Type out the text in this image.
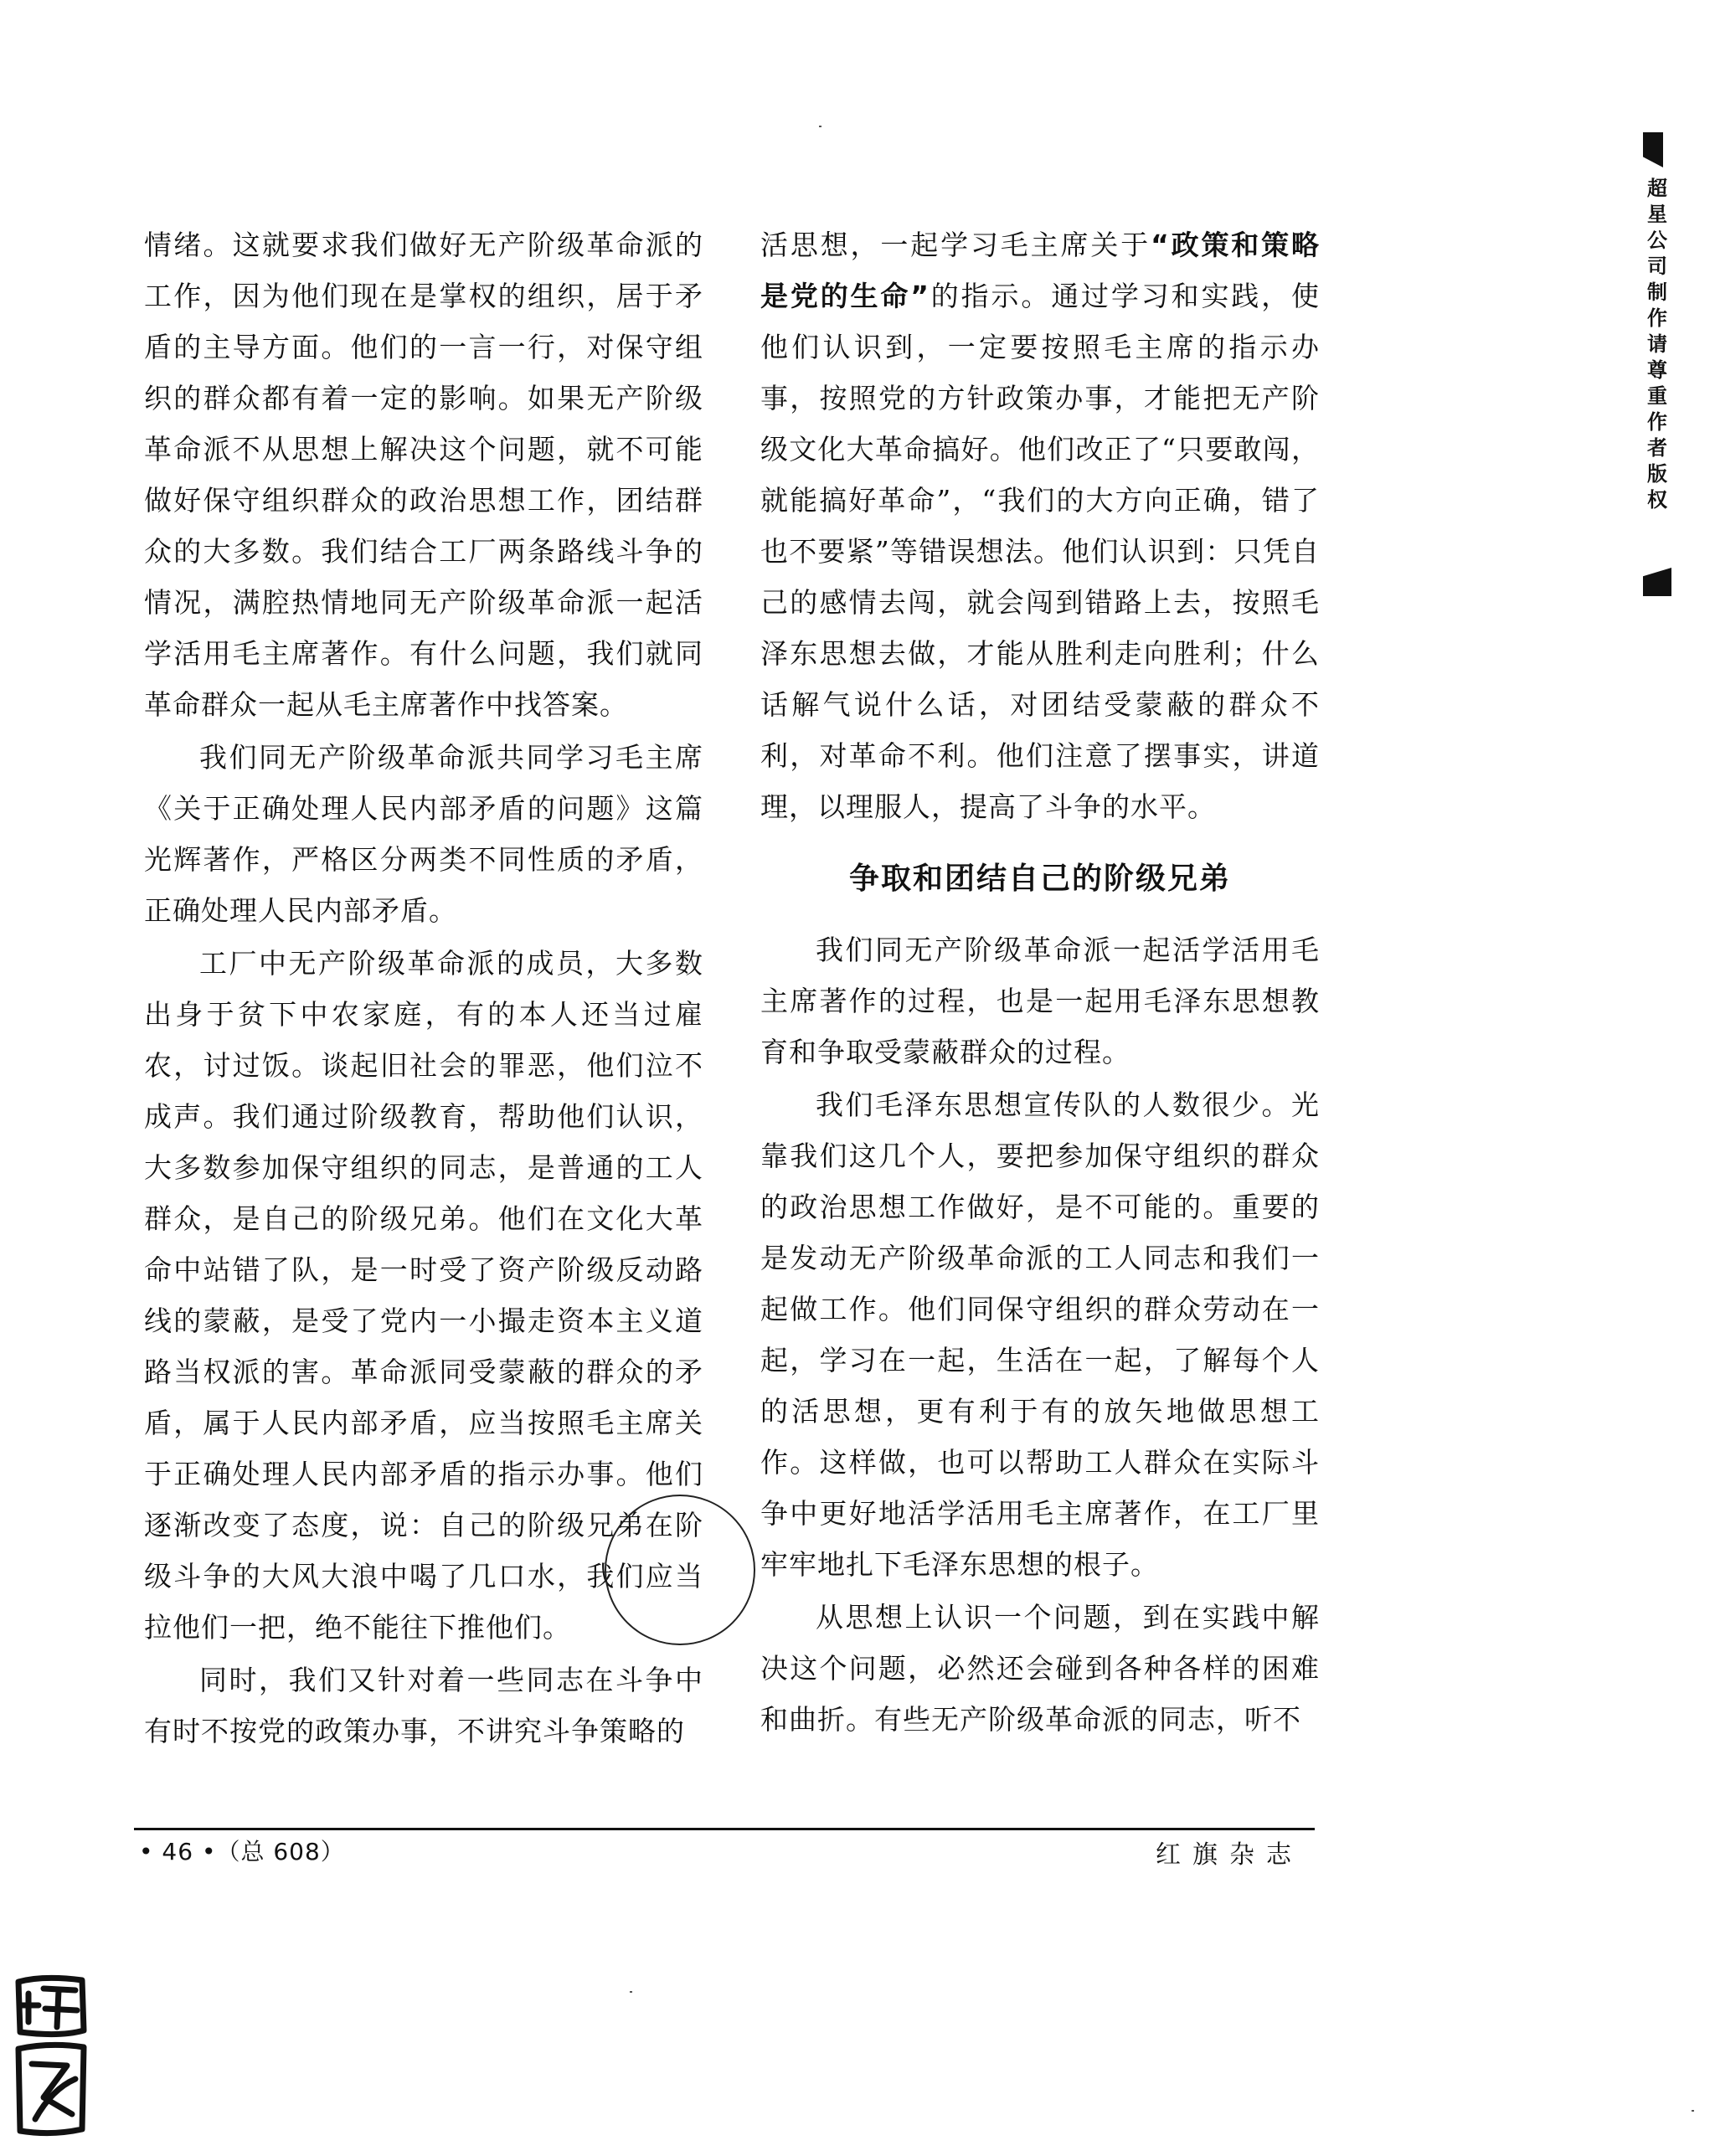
情绪。这就要求我们做好无产阶级革命派的工作，因为他们现在是掌权的组织，居于矛盾的主导方面。他们的一言一行，对保守组织的群众都有着一定的影响。如果无产阶级革命派不从思想上解决这个问题，就不可能做好保守组织群众的政治思想工作，团结群众的大多数。我们结合工厂两条路线斗争的情况，满腔热情地同无产阶级革命派一起活学活用毛主席著作。有什么问题，我们就同革命群众一起从毛主席著作中找答案。

我们同无产阶级革命派共同学习毛主席《关于正确处理人民内部矛盾的问题》这篇光辉著作，严格区分两类不同性质的矛盾，正确处理人民内部矛盾。

工厂中无产阶级革命派的成员，大多数出身于贫下中农家庭，有的本人还当过雇农，讨过饭。谈起旧社会的罪恶，他们泣不成声。我们通过阶级教育，帮助他们认识，大多数参加保守组织的同志，是普通的工人群众，是自己的阶级兄弟。他们在文化大革命中站错了队，是一时受了资产阶级反动路线的蒙蔽，是受了党内一小撮走资本主义道路当权派的害。革命派同受蒙蔽的群众的矛盾，属于人民内部矛盾，应当按照毛主席关于正确处理人民内部矛盾的指示办事。他们逐渐改变了态度，说：自己的阶级兄弟在阶级斗争的大风大浪中喝了几口水，我们应当拉他们一把，绝不能往下推他们。

同时，我们又针对着一些同志在斗争中有时不按党的政策办事，不讲究斗争策略的

活思想，一起学习毛主席关于“政策和策略是党的生命”的指示。通过学习和实践，使他们认识到，一定要按照毛主席的指示办事，按照党的方针政策办事，才能把无产阶级文化大革命搞好。他们改正了“只要敢闯，就能搞好革命”，“我们的大方向正确，错了也不要紧”等错误想法。他们认识到：只凭自己的感情去闯，就会闯到错路上去，按照毛泽东思想去做，才能从胜利走向胜利；什么话解气说什么话，对团结受蒙蔽的群众不利，对革命不利。他们注意了摆事实，讲道理，以理服人，提高了斗争的水平。

争取和团结自己的阶级兄弟

我们同无产阶级革命派一起活学活用毛主席著作的过程，也是一起用毛泽东思想教育和争取受蒙蔽群众的过程。

我们毛泽东思想宣传队的人数很少。光靠我们这几个人，要把参加保守组织的群众的政治思想工作做好，是不可能的。重要的是发动无产阶级革命派的工人同志和我们一起做工作。他们同保守组织的群众劳动在一起，学习在一起，生活在一起，了解每个人的活思想，更有利于有的放矢地做思想工作。这样做，也可以帮助工人群众在实际斗争中更好地活学活用毛主席著作，在工厂里牢牢地扎下毛泽东思想的根子。

从思想上认识一个问题，到在实践中解决这个问题，必然还会碰到各种各样的困难和曲折。有些无产阶级革命派的同志，听不

• 46 •（总 608）	红旗杂志
超星公司制作请尊重作者版权
